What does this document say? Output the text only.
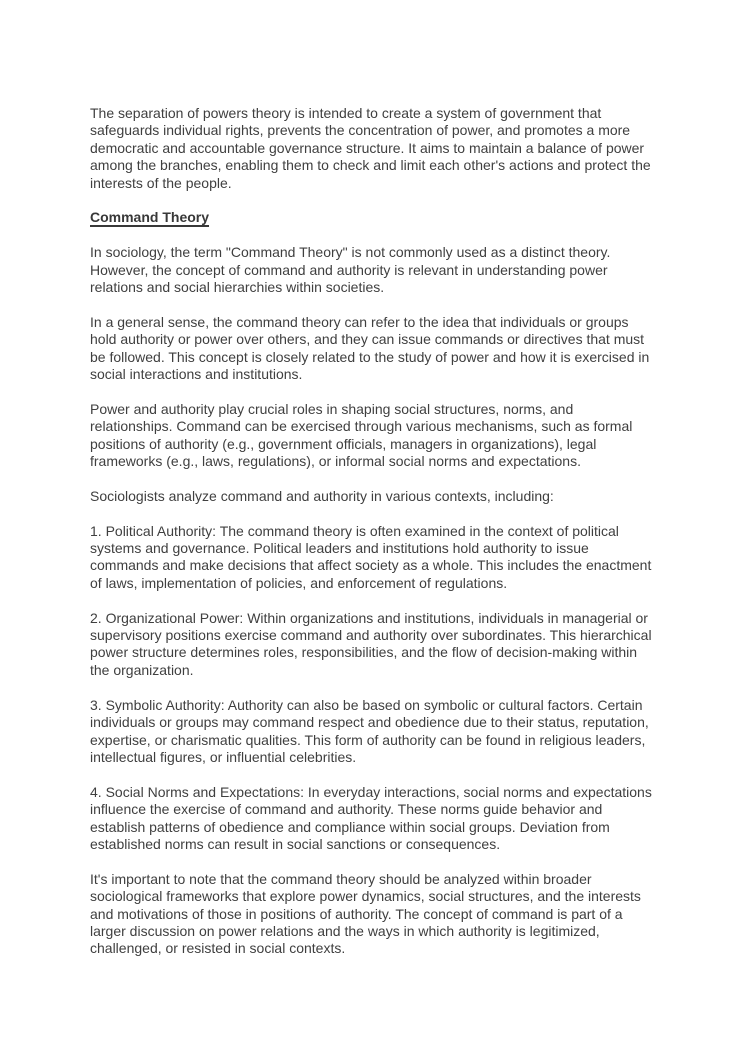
The separation of powers theory is intended to create a system of government that safeguards individual rights, prevents the concentration of power, and promotes a more democratic and accountable governance structure. It aims to maintain a balance of power among the branches, enabling them to check and limit each other's actions and protect the interests of the people.

Command Theory

In sociology, the term "Command Theory" is not commonly used as a distinct theory. However, the concept of command and authority is relevant in understanding power relations and social hierarchies within societies.

In a general sense, the command theory can refer to the idea that individuals or groups hold authority or power over others, and they can issue commands or directives that must be followed. This concept is closely related to the study of power and how it is exercised in social interactions and institutions.

Power and authority play crucial roles in shaping social structures, norms, and relationships. Command can be exercised through various mechanisms, such as formal positions of authority (e.g., government officials, managers in organizations), legal frameworks (e.g., laws, regulations), or informal social norms and expectations.

Sociologists analyze command and authority in various contexts, including:

1. Political Authority: The command theory is often examined in the context of political systems and governance. Political leaders and institutions hold authority to issue commands and make decisions that affect society as a whole. This includes the enactment of laws, implementation of policies, and enforcement of regulations.

2. Organizational Power: Within organizations and institutions, individuals in managerial or supervisory positions exercise command and authority over subordinates. This hierarchical power structure determines roles, responsibilities, and the flow of decision-making within the organization.

3. Symbolic Authority: Authority can also be based on symbolic or cultural factors. Certain individuals or groups may command respect and obedience due to their status, reputation, expertise, or charismatic qualities. This form of authority can be found in religious leaders, intellectual figures, or influential celebrities.

4. Social Norms and Expectations: In everyday interactions, social norms and expectations influence the exercise of command and authority. These norms guide behavior and establish patterns of obedience and compliance within social groups. Deviation from established norms can result in social sanctions or consequences.

It's important to note that the command theory should be analyzed within broader sociological frameworks that explore power dynamics, social structures, and the interests and motivations of those in positions of authority. The concept of command is part of a larger discussion on power relations and the ways in which authority is legitimized, challenged, or resisted in social contexts.
